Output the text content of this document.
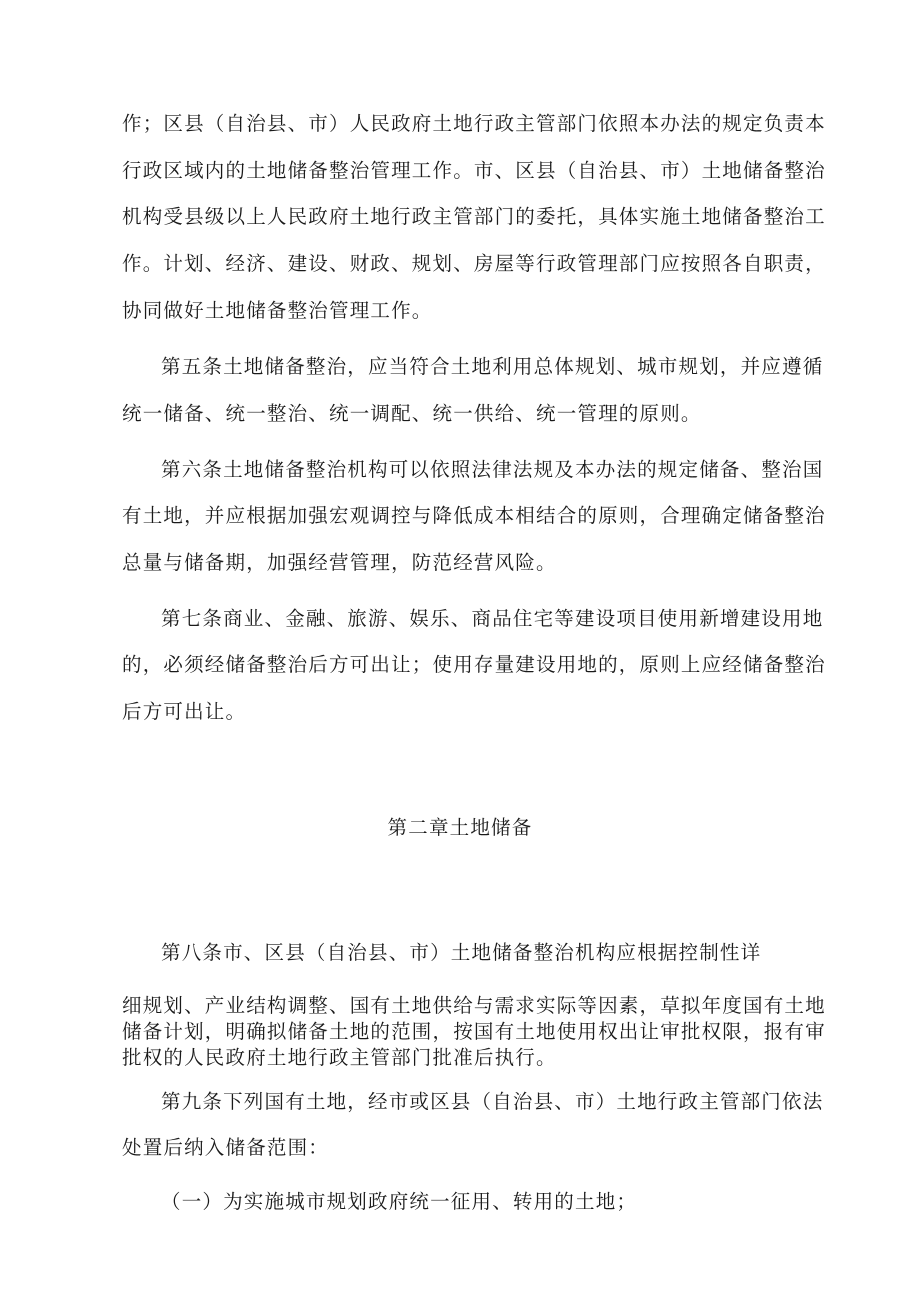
作；区县（自治县、市）人民政府土地行政主管部门依照本办法的规定负责本
行政区域内的土地储备整治管理工作。市、区县（自治县、市）土地储备整治
机构受县级以上人民政府土地行政主管部门的委托，具体实施土地储备整治工
作。计划、经济、建设、财政、规划、房屋等行政管理部门应按照各自职责，
协同做好土地储备整治管理工作。
第五条土地储备整治，应当符合土地利用总体规划、城市规划，并应遵循
统一储备、统一整治、统一调配、统一供给、统一管理的原则。
第六条土地储备整治机构可以依照法律法规及本办法的规定储备、整治国
有土地，并应根据加强宏观调控与降低成本相结合的原则，合理确定储备整治
总量与储备期，加强经营管理，防范经营风险。
第七条商业、金融、旅游、娱乐、商品住宅等建设项目使用新增建设用地
的，必须经储备整治后方可出让；使用存量建设用地的，原则上应经储备整治
后方可出让。
第二章土地储备
第八条市、区县（自治县、市）土地储备整治机构应根据控制性详
细规划、产业结构调整、国有土地供给与需求实际等因素，草拟年度国有土地
储备计划，明确拟储备土地的范围，按国有土地使用权出让审批权限，报有审
批权的人民政府土地行政主管部门批准后执行。
第九条下列国有土地，经市或区县（自治县、市）土地行政主管部门依法
处置后纳入储备范围：
（一）为实施城市规划政府统一征用、转用的土地；
